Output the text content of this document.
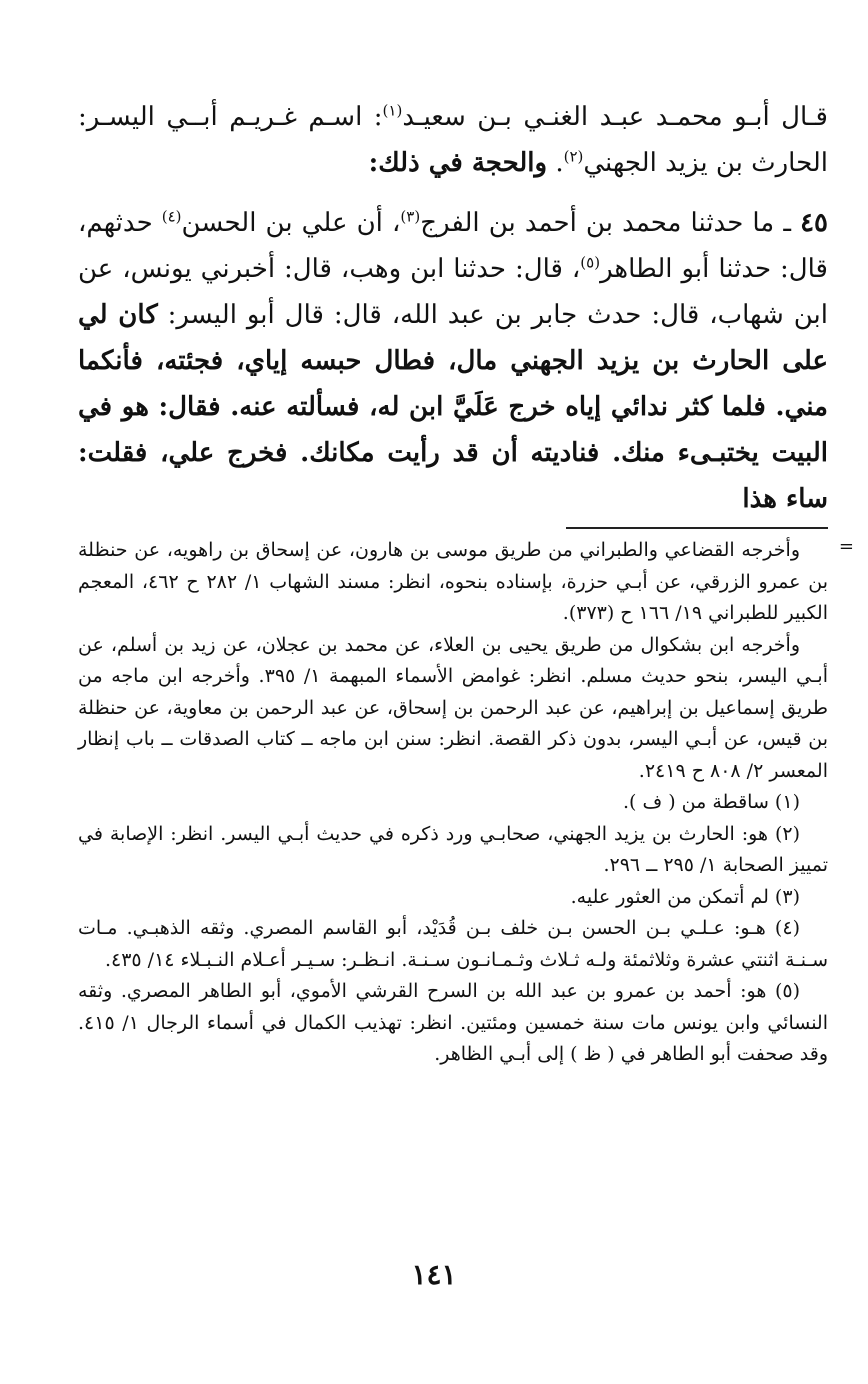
قـال أبـو محمـد عبـد الغنـي بـن سعيـد$^{(١)}$: اسـم غـريـم أبــي اليسـر: الحارث بن يزيد الجهني$^{(٢)}$. والحجة في ذلك:

٤٥ ـ ما حدثنا محمد بن أحمد بن الفرج$^{(٣)}$، أن علي بن الحسن$^{(٤)}$ حدثهم، قال: حدثنا أبو الطاهر$^{(٥)}$، قال: حدثنا ابن وهب، قال: أخبرني يونس، عن ابن شهاب، قال: حدث جابر بن عبد الله، قال: قال أبو اليسر: كان لي على الحارث بن يزيد الجهني مال، فطال حبسه إياي، فجئته، فأنكما مني. فلما كثر ندائي إياه خرج عَلَيَّ ابن له، فسألته عنه. فقال: هو في البيت يختبـىء منك. فناديته أن قد رأيت مكانك. فخرج علي، فقلت: ساء هذا

=

وأخرجه القضاعي والطبراني من طريق موسى بن هارون، عن إسحاق بن راهويه، عن حنظلة بن عمرو الزرقي، عن أبـي حزرة، بإسناده بنحوه، انظر: مسند الشهاب ١/ ٢٨٢ ح ٤٦٢، المعجم الكبير للطبراني ١٩/ ١٦٦ ح (٣٧٣).

وأخرجه ابن بشكوال من طريق يحيى بن العلاء، عن محمد بن عجلان، عن زيد بن أسلم، عن أبـي اليسر، بنحو حديث مسلم. انظر: غوامض الأسماء المبهمة ١/ ٣٩٥. وأخرجه ابن ماجه من طريق إسماعيل بن إبراهيم، عن عبد الرحمن بن إسحاق، عن عبد الرحمن بن معاوية، عن حنظلة بن قيس، عن أبـي اليسر، بدون ذكر القصة. انظر: سنن ابن ماجه ــ كتاب الصدقات ــ باب إنظار المعسر ٢/ ٨٠٨ ح ٢٤١٩.

(١) ساقطة من ( ف ).

(٢) هو: الحارث بن يزيد الجهني، صحابـي ورد ذكره في حديث أبـي اليسر. انظر: الإصابة في تمييز الصحابة ١/ ٢٩٥ ــ ٢٩٦.

(٣) لم أتمكن من العثور عليه.

(٤) هـو: عـلـي بـن الحسن بـن خلف بـن قُدَيْد، أبو القاسم المصري. وثقه الذهبـي. مـات سـنـة اثنتي عشرة وثلاثمئة ولـه ثـلاث وثـمـانـون سـنـة. انـظـر: سـيـر أعـلام النـبـلاء ١٤/ ٤٣٥.

(٥) هو: أحمد بن عمرو بن عبد الله بن السرح القرشي الأموي، أبو الطاهر المصري. وثقه النسائي وابن يونس مات سنة خمسين ومئتين. انظر: تهذيب الكمال في أسماء الرجال ١/ ٤١٥. وقد صحفت أبو الطاهر في ( ظ ) إلى أبـي الظاهر.

١٤١
